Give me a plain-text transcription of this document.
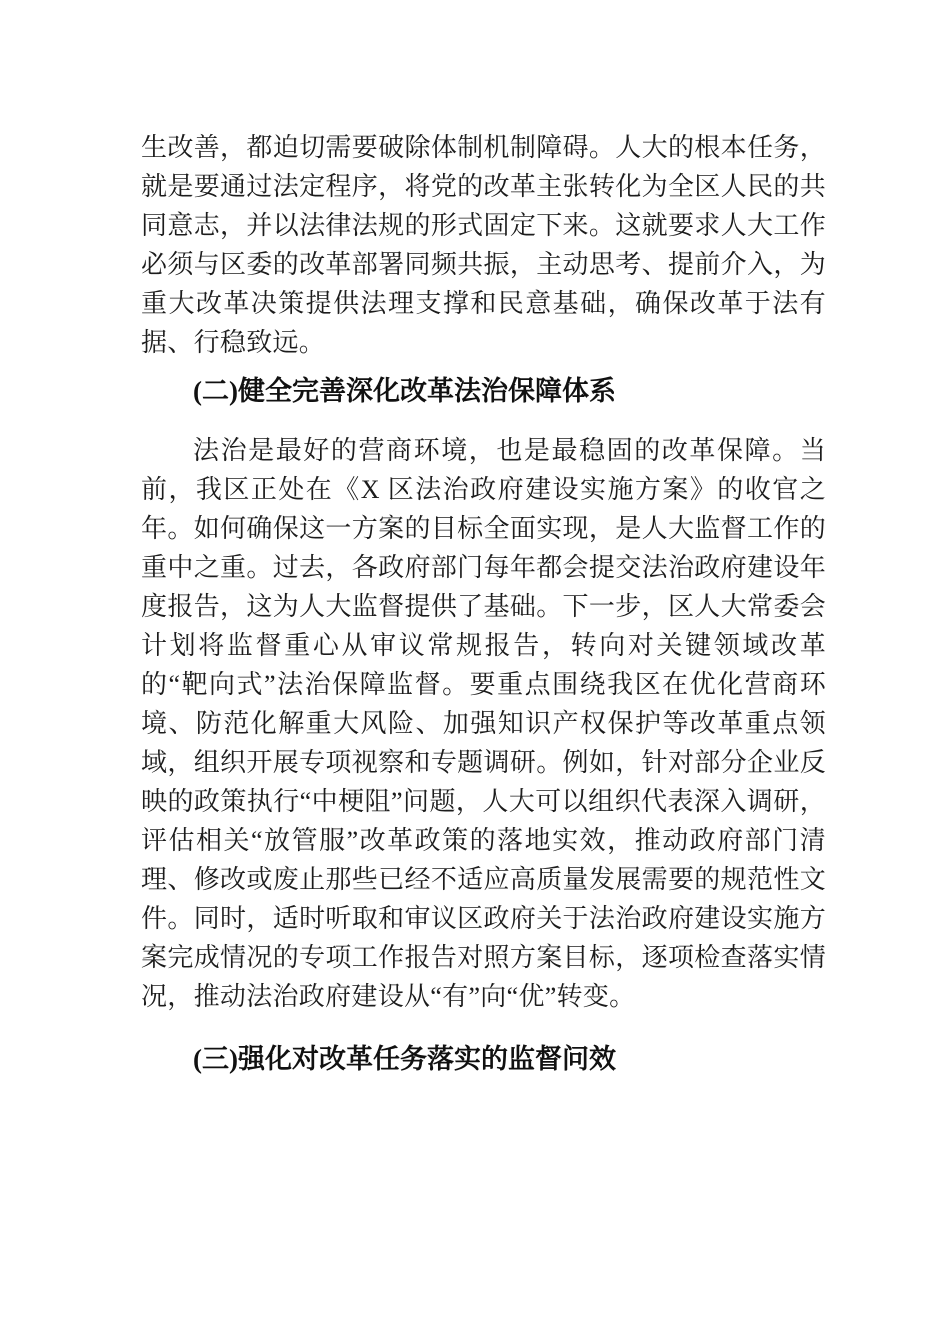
生改善，都迫切需要破除体制机制障碍。人大的根本任务，就是要通过法定程序，将党的改革主张转化为全区人民的共同意志，并以法律法规的形式固定下来。这就要求人大工作必须与区委的改革部署同频共振，主动思考、提前介入，为重大改革决策提供法理支撑和民意基础，确保改革于法有据、行稳致远。

(二)健全完善深化改革法治保障体系

法治是最好的营商环境，也是最稳固的改革保障。当前，我区正处在《X 区法治政府建设实施方案》的收官之年。如何确保这一方案的目标全面实现，是人大监督工作的重中之重。过去，各政府部门每年都会提交法治政府建设年度报告，这为人大监督提供了基础。下一步，区人大常委会计划将监督重心从审议常规报告，转向对关键领域改革的“靶向式”法治保障监督。要重点围绕我区在优化营商环境、防范化解重大风险、加强知识产权保护等改革重点领域，组织开展专项视察和专题调研。例如，针对部分企业反映的政策执行“中梗阻”问题，人大可以组织代表深入调研，评估相关“放管服”改革政策的落地实效，推动政府部门清理、修改或废止那些已经不适应高质量发展需要的规范性文件。同时，适时听取和审议区政府关于法治政府建设实施方案完成情况的专项工作报告对照方案目标，逐项检查落实情况，推动法治政府建设从“有”向“优”转变。

(三)强化对改革任务落实的监督问效
